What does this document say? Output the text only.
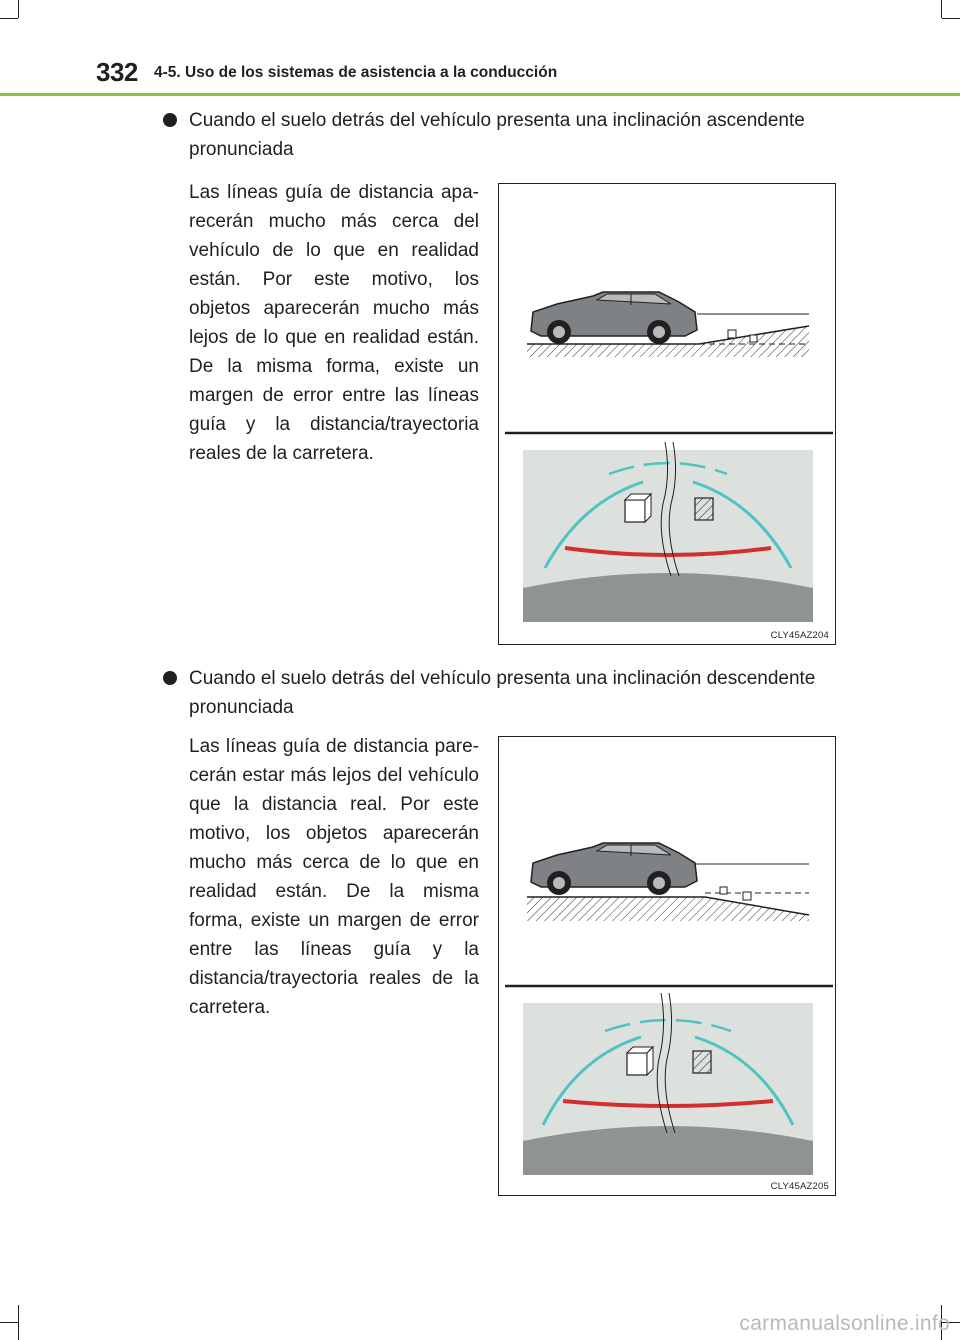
332 4-5. Uso de los sistemas de asistencia a la conducción
Cuando el suelo detrás del vehículo presenta una inclinación ascendente pronunciada
Las líneas guía de distancia apa-recerán mucho más cerca del vehículo de lo que en realidad están. Por este motivo, los objetos aparecerán mucho más lejos de lo que en realidad están. De la misma forma, existe un margen de error entre las líneas guía y la distancia/trayectoria reales de la carretera.
CLY45AZ204
Cuando el suelo detrás del vehículo presenta una inclinación descendente pronunciada
Las líneas guía de distancia pare-cerán estar más lejos del vehículo que la distancia real. Por este motivo, los objetos aparecerán mucho más cerca de lo que en realidad están. De la misma forma, existe un margen de error entre las líneas guía y la distancia/trayectoria reales de la carretera.
CLY45AZ205
carmanualsonline.info
